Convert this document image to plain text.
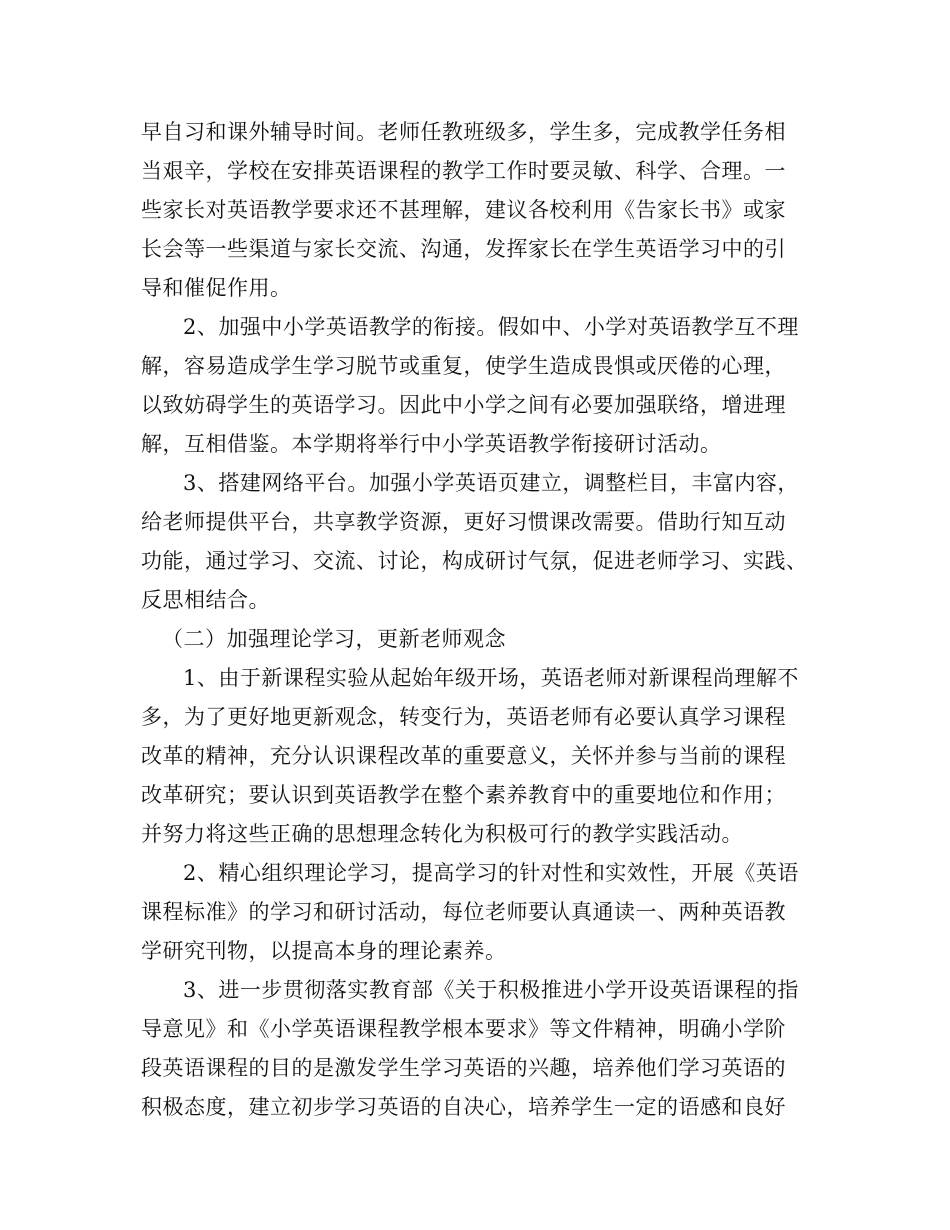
早自习和课外辅导时间。老师任教班级多，学生多，完成教学任务相
当艰辛，学校在安排英语课程的教学工作时要灵敏、科学、合理。一
些家长对英语教学要求还不甚理解，建议各校利用《告家长书》或家
长会等一些渠道与家长交流、沟通，发挥家长在学生英语学习中的引
导和催促作用。
2、加强中小学英语教学的衔接。假如中、小学对英语教学互不理
解，容易造成学生学习脱节或重复，使学生造成畏惧或厌倦的心理，
以致妨碍学生的英语学习。因此中小学之间有必要加强联络，增进理
解，互相借鉴。本学期将举行中小学英语教学衔接研讨活动。
3、搭建网络平台。加强小学英语页建立，调整栏目，丰富内容，
给老师提供平台，共享教学资源，更好习惯课改需要。借助行知互动
功能，通过学习、交流、讨论，构成研讨气氛，促进老师学习、实践、
反思相结合。
（二）加强理论学习，更新老师观念
1、由于新课程实验从起始年级开场，英语老师对新课程尚理解不
多，为了更好地更新观念，转变行为，英语老师有必要认真学习课程
改革的精神，充分认识课程改革的重要意义，关怀并参与当前的课程
改革研究；要认识到英语教学在整个素养教育中的重要地位和作用；
并努力将这些正确的思想理念转化为积极可行的教学实践活动。
2、精心组织理论学习，提高学习的针对性和实效性，开展《英语
课程标准》的学习和研讨活动，每位老师要认真通读一、两种英语教
学研究刊物，以提高本身的理论素养。
3、进一步贯彻落实教育部《关于积极推进小学开设英语课程的指
导意见》和《小学英语课程教学根本要求》等文件精神，明确小学阶
段英语课程的目的是激发学生学习英语的兴趣，培养他们学习英语的
积极态度，建立初步学习英语的自决心，培养学生一定的语感和良好
